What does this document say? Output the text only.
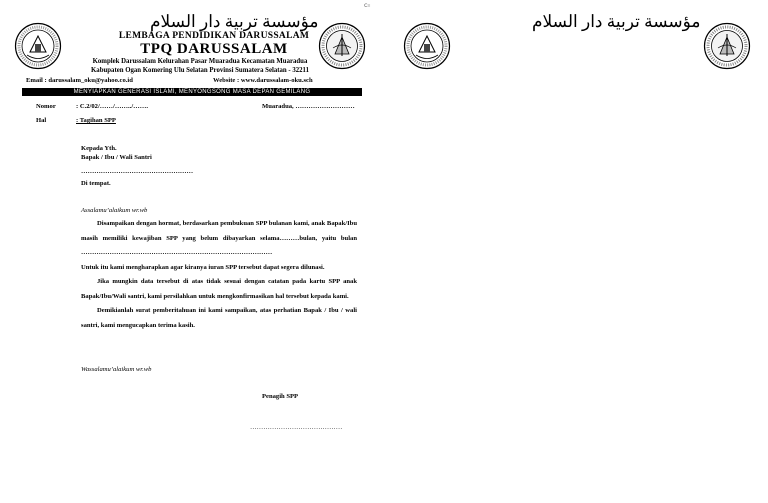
ꓚ≡
ﻣﺆﺳﺴﺔ ﺗﺮﺑﻴﺔ ﺩﺍﺭ ﺍﻟﺴﻼﻡ
LEMBAGA PENDIDIKAN DARUSSALAM
TPQ DARUSSALAM
Komplek Darussalam Kelurahan Pasar Muaradua Kecamatan Muaradua
Kabupaten Ogan Komering Ulu Selatan Provinsi Sumatera Selatan - 32211
Email : darussalam_oku@yahoo.co.id	Website : www.darussalam-oku.sch
MENYIAPKAN GENERASI ISLAMI, MENYONGSONG MASA DEPAN GEMILANG
Nomor	: C.2/02/……/……../…….	Muaradua, ………………………
Hal	: Tagihan SPP
Kepada Yth.
Bapak / Ibu / Wali Santri
……………………………………………
Di tempat.
Assalamu’alaikum wr.wb

Disampaikan dengan hormat, berdasarkan pembukuan SPP bulanan kami, anak Bapak/Ibu masih memiliki kewajiban SPP yang belum dibayarkan selama………bulan, yaitu bulan ……………………………………………………………………………

Untuk itu kami mengharapkan agar kiranya iuran SPP tersebut dapat segera dilunasi.

Jika mungkin data tersebut di atas tidak sesuai dengan catatan pada kartu SPP anak Bapak/Ibu/Wali santri, kami persilahkan untuk mengkonfirmasikan hal tersebut kepada kami.

Demikianlah surat pemberitahuan ini kami sampaikan, atas perhatian Bapak / Ibu / wali santri, kami mengucapkan terima kasih.

Wassalamu’alaikum wr.wb
Penagih SPP
……………………………………
ﻣﺆﺳﺴﺔ ﺗﺮﺑﻴﺔ ﺩﺍﺭ ﺍﻟﺴﻼﻡ
